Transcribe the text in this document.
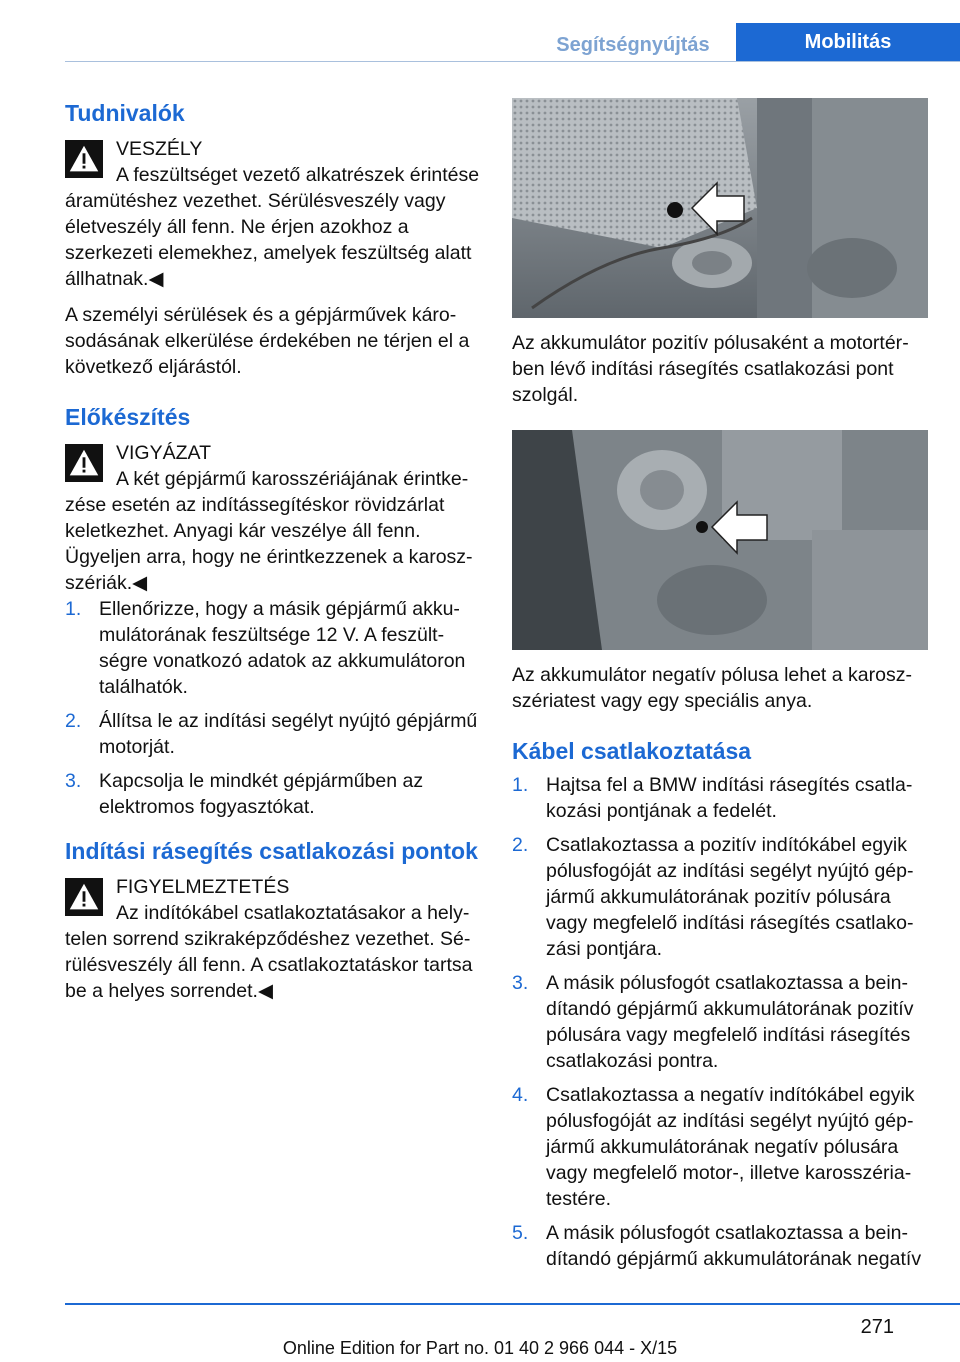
Segítségnyújtás	Mobilitás
Tudnivalók

VESZÉLY

A feszültséget vezető alkatrészek érintése áramütéshez vezethet. Sérülésveszély vagy életveszély áll fenn. Ne érjen azokhoz a szerkezeti elemekhez, amelyek feszültség alatt állhatnak.◀

A személyi sérülések és a gépjárművek károsodásának elkerülése érdekében ne térjen el a következő eljárástól.

Előkészítés

VIGYÁZAT

A két gépjármű karosszériájának érintkezése esetén az indítássegítéskor rövidzárlat keletkezhet. Anyagi kár veszélye áll fenn. Ügyeljen arra, hogy ne érintkezzenek a karoszszériák.◀

1. Ellenőrizze, hogy a másik gépjármű akkumulátorának feszültsége 12 V. A feszültségre vonatkozó adatok az akkumulátoron találhatók.
2. Állítsa le az indítási segélyt nyújtó gépjármű motorját.
3. Kapcsolja le mindkét gépjárműben az elektromos fogyasztókat.
Indítási rásegítés csatlakozási pontok

FIGYELMEZTETÉS

Az indítókábel csatlakoztatásakor a helytelen sorrend szikraképződéshez vezethet. Sérülésveszély áll fenn. A csatlakoztatáskor tartsa be a helyes sorrendet.◀

Az akkumulátor pozitív pólusaként a motortérben lévő indítási rásegítés csatlakozási pont szolgál.

Az akkumulátor negatív pólusa lehet a karoszszériatest vagy egy speciális anya.

Kábel csatlakoztatása
1. Hajtsa fel a BMW indítási rásegítés csatlakozási pontjának a fedelét.
2. Csatlakoztassa a pozitív indítókábel egyik pólusfogóját az indítási segélyt nyújtó gépjármű akkumulátorának pozitív pólusára vagy megfelelő indítási rásegítés csatlakozási pontjára.
3. A másik pólusfogót csatlakoztassa a beindítandó gépjármű akkumulátorának pozitív pólusára vagy megfelelő indítási rásegítés csatlakozási pontra.
4. Csatlakoztassa a negatív indítókábel egyik pólusfogóját az indítási segélyt nyújtó gépjármű akkumulátorának negatív pólusára vagy megfelelő motor-, illetve karosszériatestére.
5. A másik pólusfogót csatlakoztassa a beindítandó gépjármű akkumulátorának negatív
271
Online Edition for Part no. 01 40 2 966 044 - X/15
